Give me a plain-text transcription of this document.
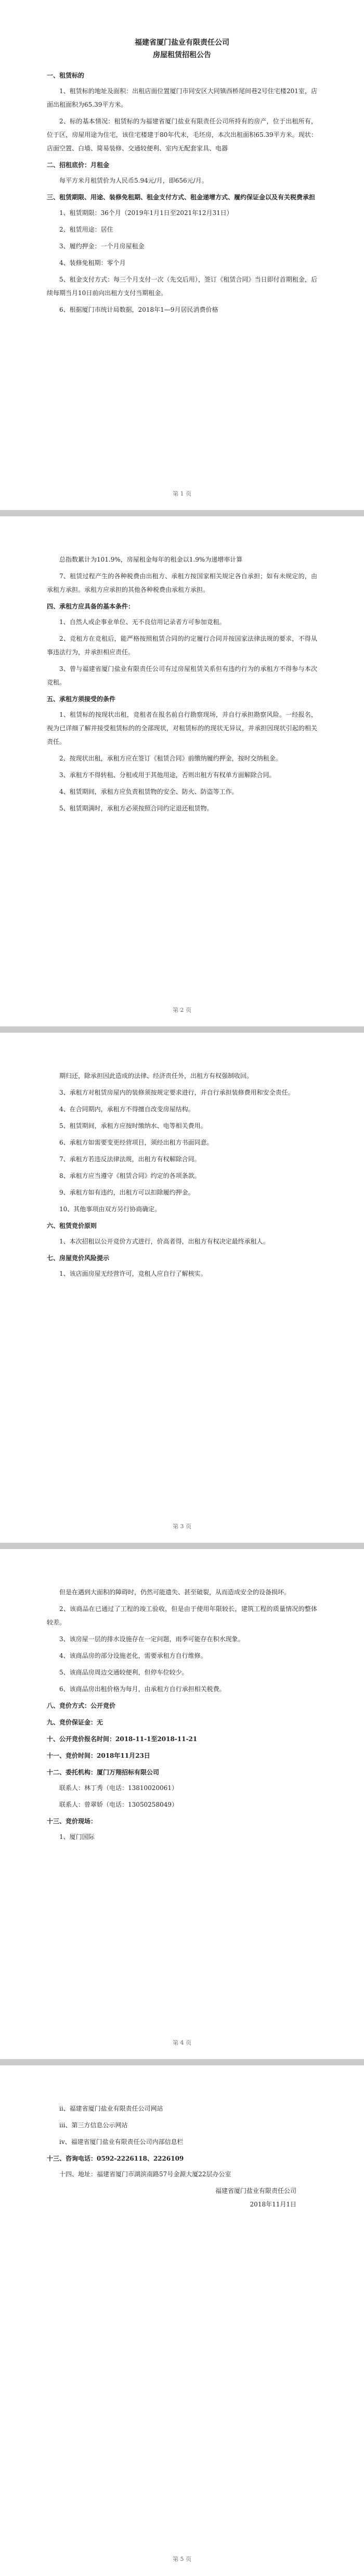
福建省厦门盐业有限责任公司
房屋租赁招租公告
一、租赁标的
1、租赁标的地址及面积：出租店面位置厦门市同安区大同镇西桥尾间巷2号住宅楼201室，店面出租面积为65.39平方米。
2、标的基本情况：租赁标的为福建省厦门盐业有限责任公司所持有的房产，位于出租所有，位于区，房屋用途为住宅，该住宅楼建于80年代末，毛坯房，本次出租面积65.39平方米。现状：店面空置、白墙、简易装修、交通较便利、室内无配套家具、电器
二、招租底价：月租金
每平方米月租赁价为人民币5.94元/月，即656元/月。
三、租赁期限、用途、装修免租期、租金支付方式、租金递增方式、履约保证金以及有关税费承担
1、租赁期限：36个月（2019年1月1日至2021年12月31日）
2、租赁用途：居住
3、履约押金：一个月房屋租金
4、装修免租期：零个月
5、租金支付方式：每三个月支付一次（先交后用），签订《租赁合同》当日即付首期租金，后续每期当月10日前向出租方支付当期租金。
6、根据厦门市统计局数据，2018年1—9月居民消费价格
第 1 页
总指数累计为101.9%，房屋租金每年的租金以1.9%为递增率计算
7、租赁过程产生的各种税费由出租方、承租方按国家相关规定各自承担；如有未规定的，由承租方承担。承租方应承担的其他各种税费由承租方承担。
四、承租方应具备的基本条件：
1、自然人或企事业单位、无不良信用记录者方可参加竞租。
2、竞租方在竞租后，能严格按照租赁合同的约定履行合同并按国家法律法规的要求，不得从事违法行为，并承担相应责任。
3、曾与福建省厦门盐业有限责任公司有过房屋租赁关系但有违约行为的承租方不得参与本次竞租。
五、承租方须接受的条件
1、租赁标的按现状出租，竞租者在报名前自行勘察现场，并自行承担勘察风险。一经报名，视为已详细了解并接受租赁标的的全部现状，对租赁标的的现状无异议，并承担因现状引起的相关责任。
2、按现状出租，承租方应在签订《租赁合同》前缴纳履约押金，按时交纳租金。
3、承租方不得转租、分租或用于其他用途，否则出租方有权单方面解除合同。
4、租赁期间，承租方应负责租赁物的安全、防火、防盗等工作。
5、租赁期满时，承租方必须按照合同约定退还租赁物。
第 2 页
期归还，除承担因此造成的法律、经济责任外，出租方有权强制收回。
3、承租方对租赁房屋内的装修须按规定要求进行，并自行承担装修费用和安全责任。
4、在合同期内，承租方不得擅自改变房屋结构。
5、租赁期间，承租方应按时缴纳水、电等相关费用。
6、承租方如需要变更经营项目，须经出租方书面同意。
7、承租方若违反法律法规，出租方有权解除合同。
8、承租方应当遵守《租赁合同》约定的各项条款。
9、承租方如有违约，出租方可以扣除履约押金。
10、其他事项由双方另行协商确定。
六、租赁竞价原则
1、本次招租以公开竞价方式进行，价高者得，出租方有权决定最终承租人。
七、房屋竞价风险提示
1、该店面房屋无经营许可，竞租人应自行了解核实。
第 3 页
但是在遇到大面积的障碍时，仍然可能遗失、甚至破裂，从而造成安全的设备损坏。
2、该商品在已通过了工程的竣工验收，但是由于使用年限较长，建筑工程的质量情况的整体较差。
3、该房屋一层的排水设施存在一定问题，雨季可能存在积水现象。
4、该商品房的部分设施老化，需要承租方自行维修。
5、该商品房周边交通较便利，但停车位较少。
6、该商品房出租价格为每月，由承租方自行承担相关税费。
八、竞价方式：公开竞价
九、竞价保证金：无
十、公开竞价报名时间：2018-11-1至2018-11-21
十一、竞价时间：2018年11月23日
十二、委托机构：厦门万翔招标有限公司
联系人：林丁秀（电话：13810020061）
联系人：曾翠娇（电话：13050258049）
十三、竞价现场：
1、厦门国际
第 4 页
ii、福建省厦门盐业有限责任公司网站
iii、第三方信息公示网站
iv、福建省厦门盐业有限责任公司内部信息栏
十三、咨询电话：0592-2226118、2226109
十四、地址：福建省厦门市湖滨南路57号金源大厦22层办公室
福建省厦门盐业有限责任公司
2018年11月1日
第 5 页
